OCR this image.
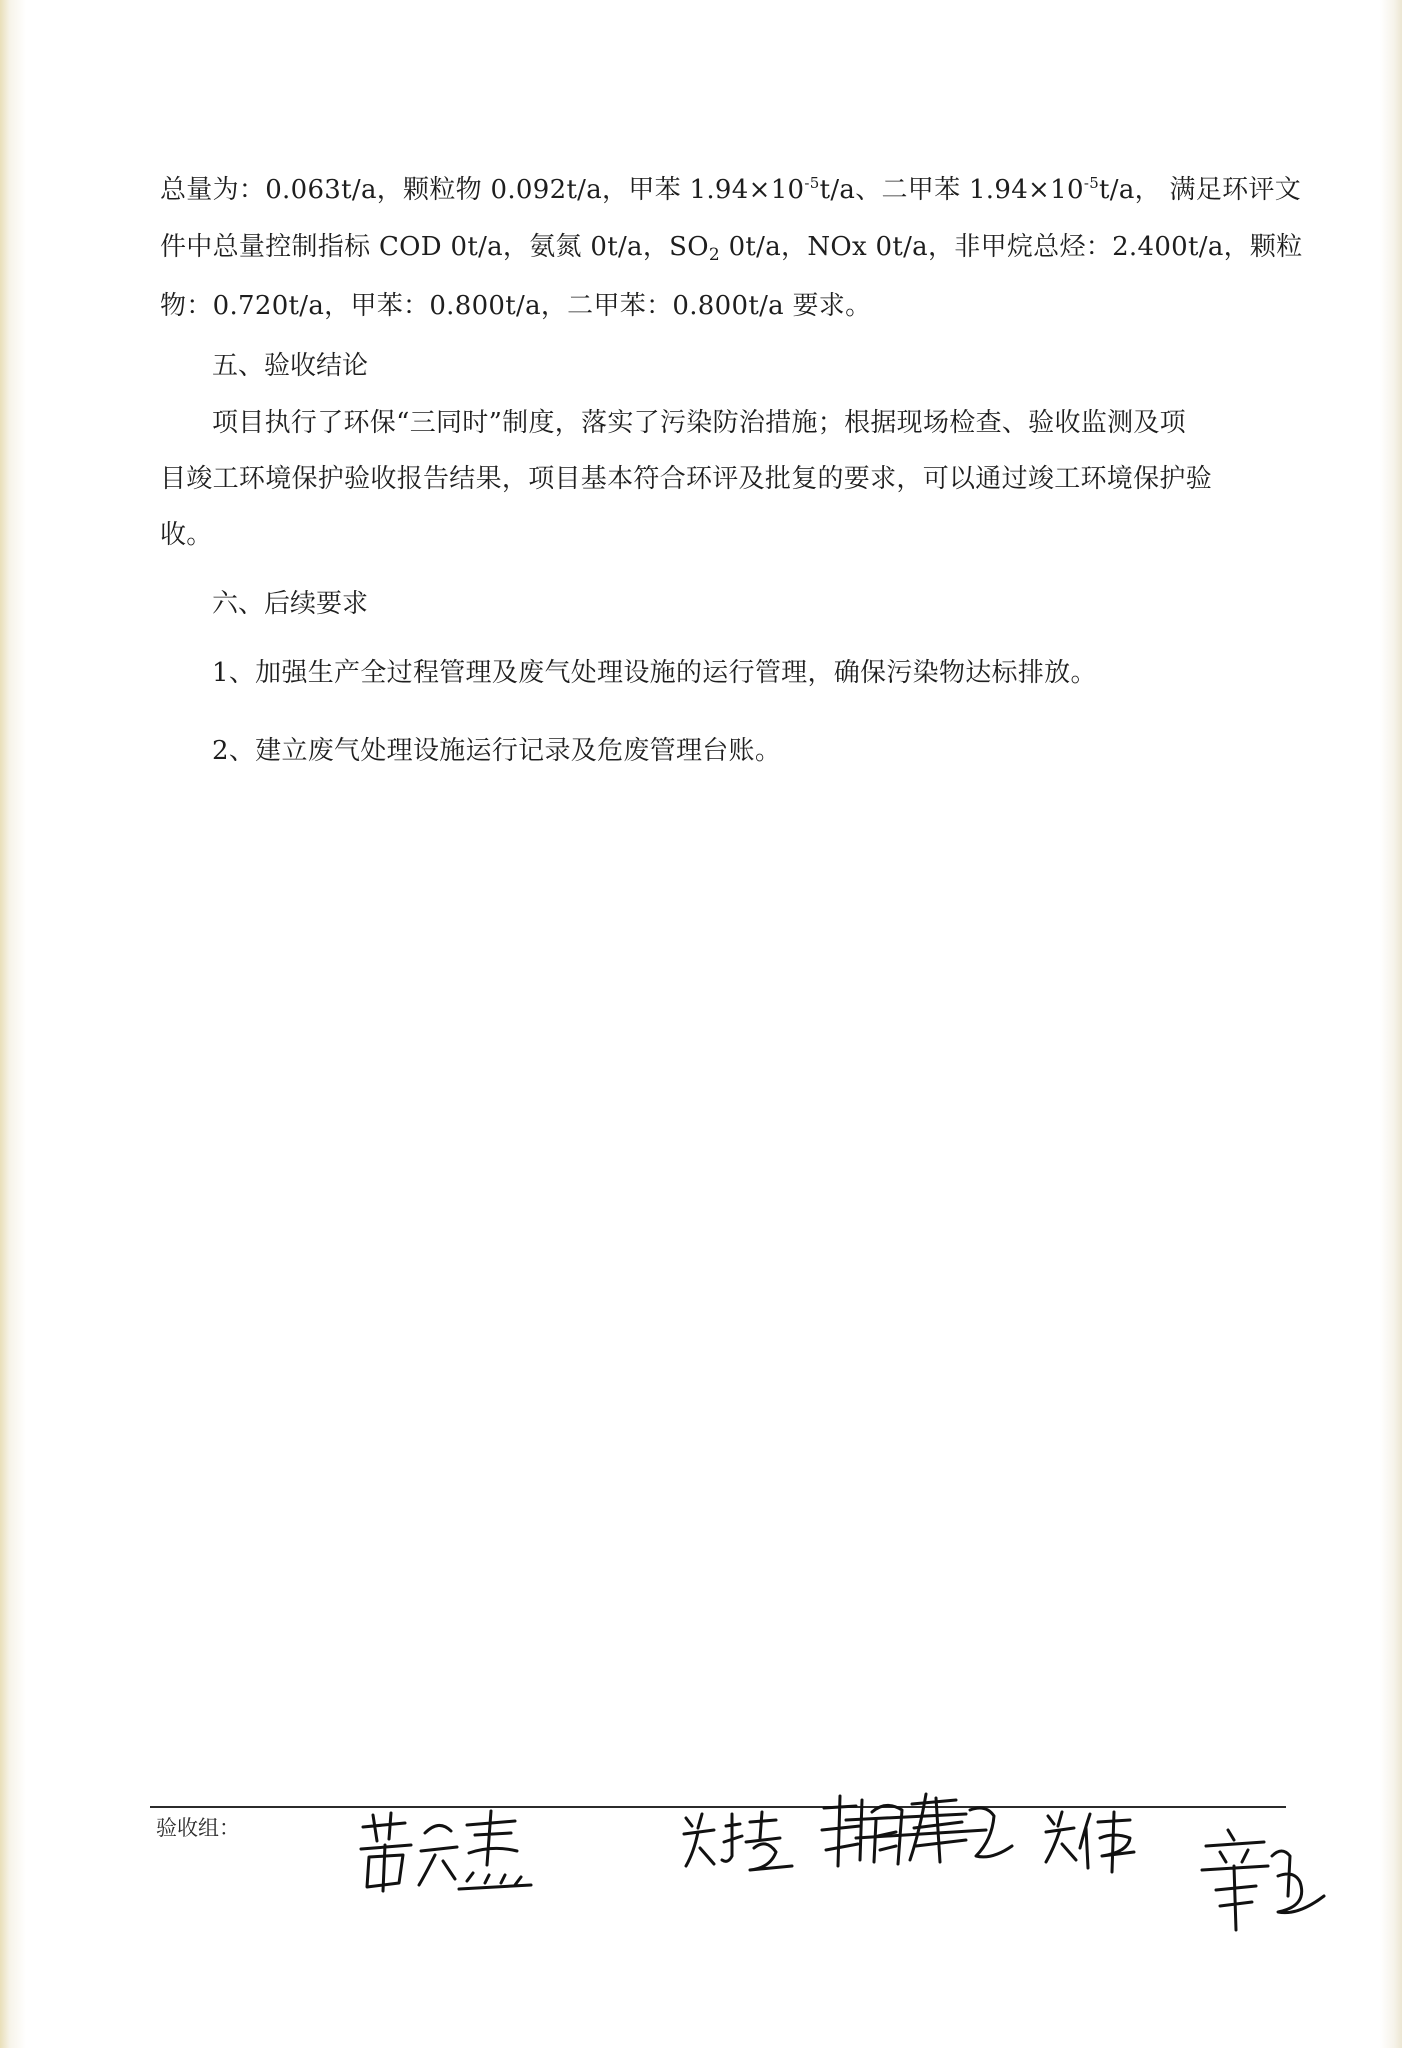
总量为：0.063t/a，颗粒物 0.092t/a，甲苯 $1.94\times 10^{-5}t/a$、二甲苯 $1.94\times 10^{-5}t/a$， 满足环评文
件中总量控制指标 COD 0t/a，氨氮 0t/a，$SO_2$ 0t/a，NOx 0t/a，非甲烷总烃：2.400t/a，颗粒
物：0.720t/a，甲苯：0.800t/a，二甲苯：0.800t/a 要求。
五、验收结论
项目执行了环保“三同时”制度，落实了污染防治措施；根据现场检查、验收监测及项
目竣工环境保护验收报告结果，项目基本符合环评及批复的要求，可以通过竣工环境保护验
收。
六、后续要求
1、加强生产全过程管理及废气处理设施的运行管理，确保污染物达标排放。
2、建立废气处理设施运行记录及危废管理台账。
验收组：
